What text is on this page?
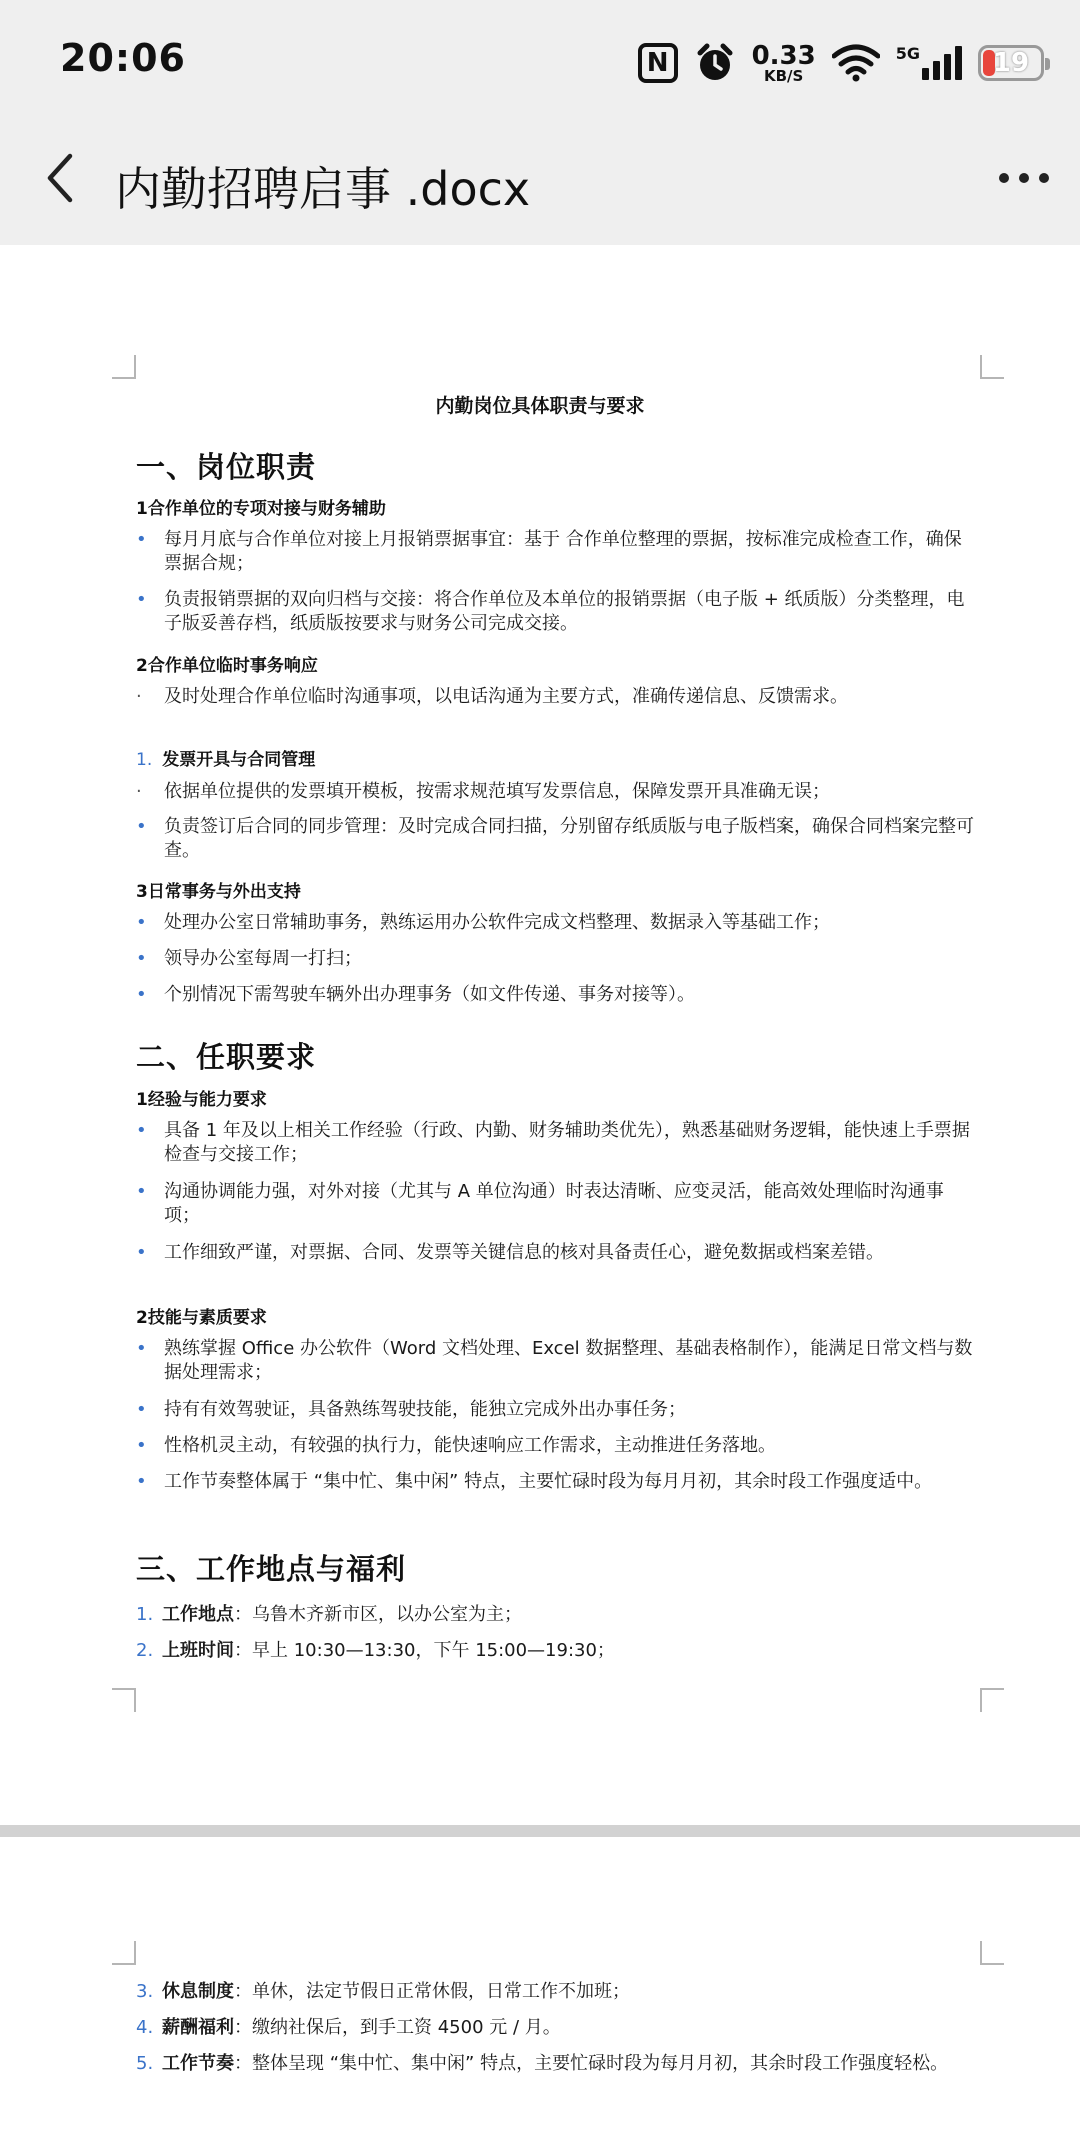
20:06	N	0.33
KB/S
5G	19
内勤招聘启事 .docx
内勤岗位具体职责与要求
一、岗位职责
1合作单位的专项对接与财务辅助
• 每月月底与合作单位对接上月报销票据事宜：基于 合作单位整理的票据，按标准完成检查工作，确保票据合规；
• 负责报销票据的双向归档与交接：将合作单位及本单位的报销票据（电子版 + 纸质版）分类整理，电子版妥善存档，纸质版按要求与财务公司完成交接。
2合作单位临时事务响应
·	及时处理合作单位临时沟通事项，以电话沟通为主要方式，准确传递信息、反馈需求。
1. 发票开具与合同管理
·	依据单位提供的发票填开模板，按需求规范填写发票信息，保障发票开具准确无误；
• 负责签订后合同的同步管理：及时完成合同扫描，分别留存纸质版与电子版档案，确保合同档案完整可查。
3日常事务与外出支持
• 处理办公室日常辅助事务，熟练运用办公软件完成文档整理、数据录入等基础工作；
• 领导办公室每周一打扫；
• 个别情况下需驾驶车辆外出办理事务（如文件传递、事务对接等）。
二、任职要求
1经验与能力要求
• 具备 1 年及以上相关工作经验（行政、内勤、财务辅助类优先），熟悉基础财务逻辑，能快速上手票据检查与交接工作；
• 沟通协调能力强，对外对接（尤其与 A 单位沟通）时表达清晰、应变灵活，能高效处理临时沟通事项；
• 工作细致严谨，对票据、合同、发票等关键信息的核对具备责任心，避免数据或档案差错。
2技能与素质要求
• 熟练掌握 Office 办公软件（Word 文档处理、Excel 数据整理、基础表格制作），能满足日常文档与数据处理需求；
• 持有有效驾驶证，具备熟练驾驶技能，能独立完成外出办事任务；
• 性格机灵主动，有较强的执行力，能快速响应工作需求，主动推进任务落地。
• 工作节奏整体属于 “集中忙、集中闲” 特点，主要忙碌时段为每月月初，其余时段工作强度适中。
三、工作地点与福利
1. 工作地点：乌鲁木齐新市区，以办公室为主；
2. 上班时间：早上 10:30—13:30，下午 15:00—19:30；
3. 休息制度：单休，法定节假日正常休假，日常工作不加班；
4. 薪酬福利：缴纳社保后，到手工资 4500 元 / 月。
5. 工作节奏：整体呈现 “集中忙、集中闲” 特点，主要忙碌时段为每月月初，其余时段工作强度轻松。
